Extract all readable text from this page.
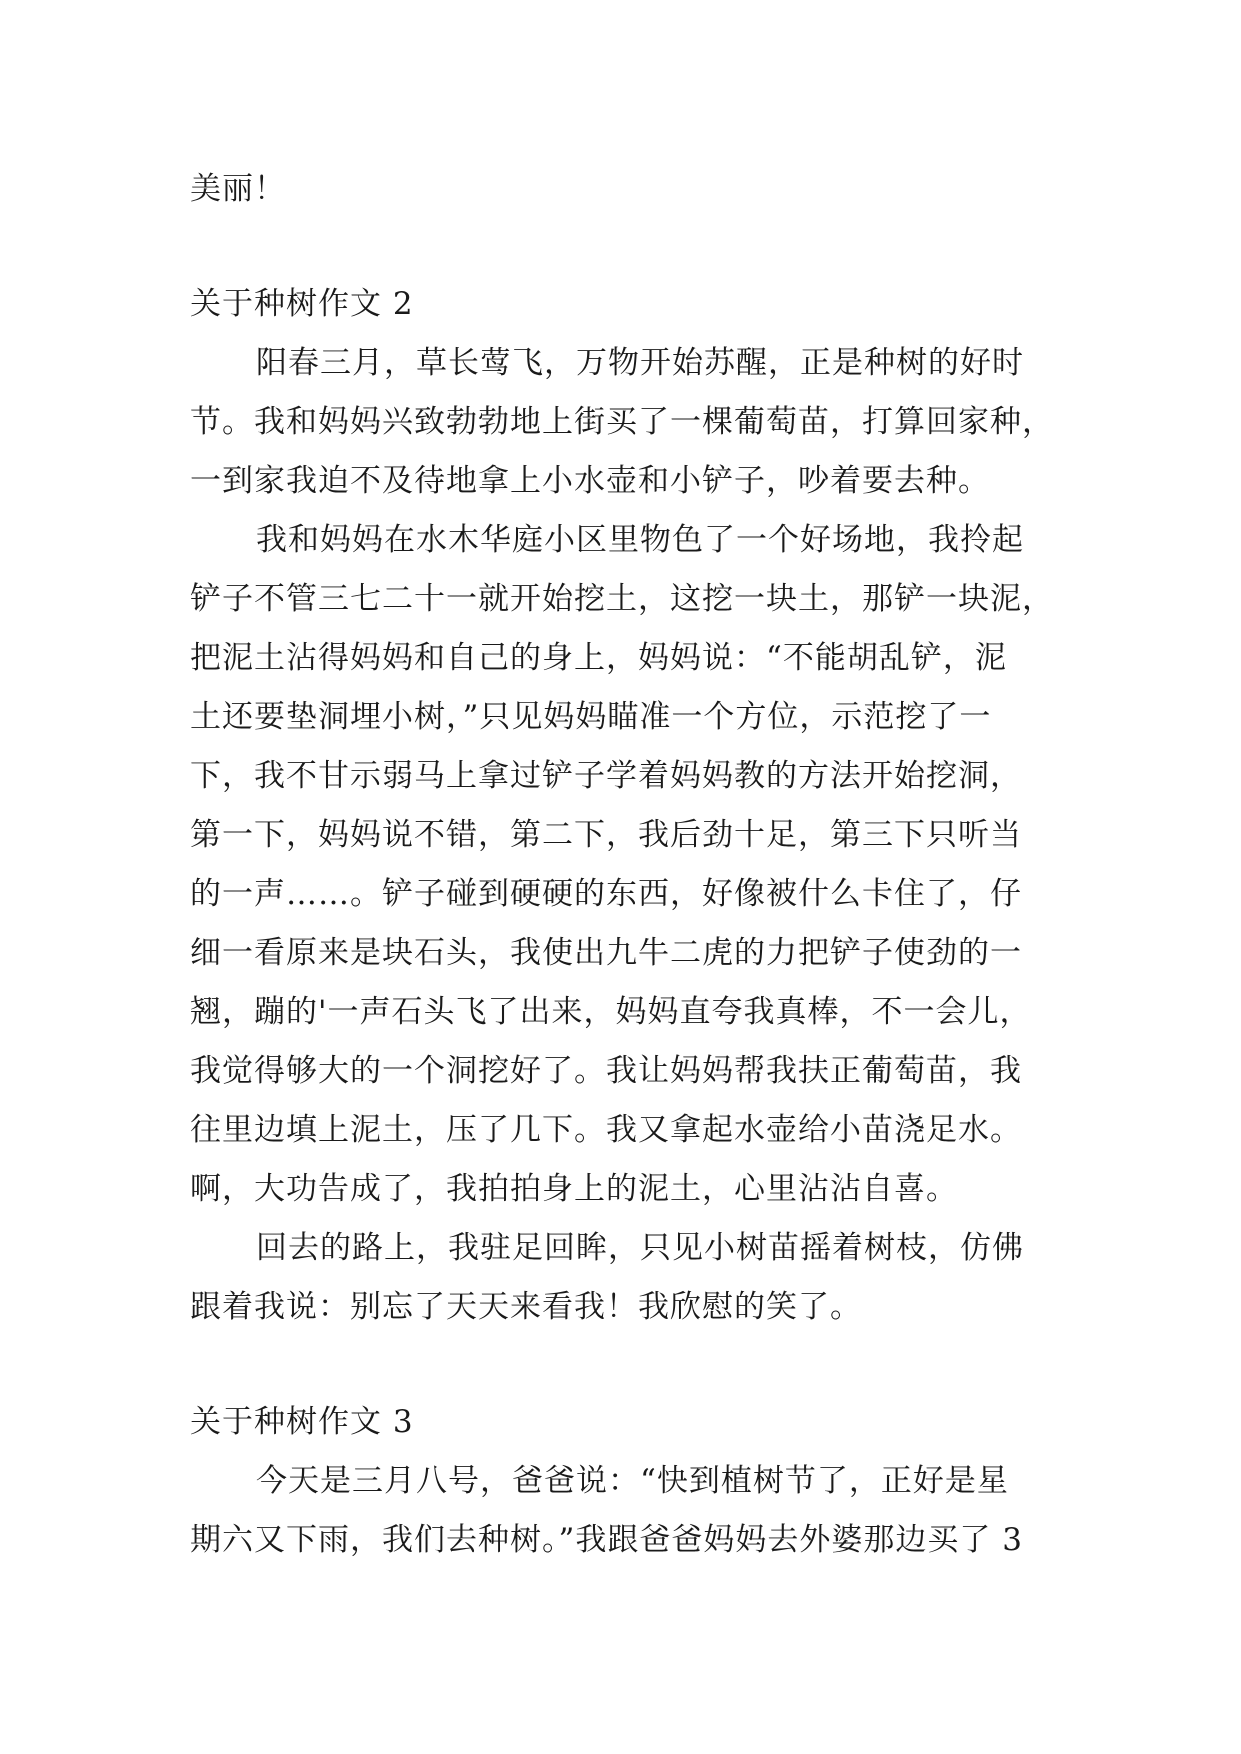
美丽！
关于种树作文 2
阳春三月，草长莺飞，万物开始苏醒，正是种树的好时
节。我和妈妈兴致勃勃地上街买了一棵葡萄苗，打算回家种，
一到家我迫不及待地拿上小水壶和小铲子，吵着要去种。
我和妈妈在水木华庭小区里物色了一个好场地，我拎起
铲子不管三七二十一就开始挖土，这挖一块土，那铲一块泥，
把泥土沾得妈妈和自己的身上，妈妈说：“不能胡乱铲，泥
土还要垫洞埋小树，”只见妈妈瞄准一个方位，示范挖了一
下，我不甘示弱马上拿过铲子学着妈妈教的方法开始挖洞，
第一下，妈妈说不错，第二下，我后劲十足，第三下只听当
的一声……。铲子碰到硬硬的东西，好像被什么卡住了，仔
细一看原来是块石头，我使出九牛二虎的力把铲子使劲的一
翘，蹦的'一声石头飞了出来，妈妈直夸我真棒，不一会儿，
我觉得够大的一个洞挖好了。我让妈妈帮我扶正葡萄苗，我
往里边填上泥土，压了几下。我又拿起水壶给小苗浇足水。
啊，大功告成了，我拍拍身上的泥土，心里沾沾自喜。
回去的路上，我驻足回眸，只见小树苗摇着树枝，仿佛
跟着我说：别忘了天天来看我！我欣慰的笑了。
关于种树作文 3
今天是三月八号，爸爸说：“快到植树节了，正好是星
期六又下雨，我们去种树。”我跟爸爸妈妈去外婆那边买了 3
